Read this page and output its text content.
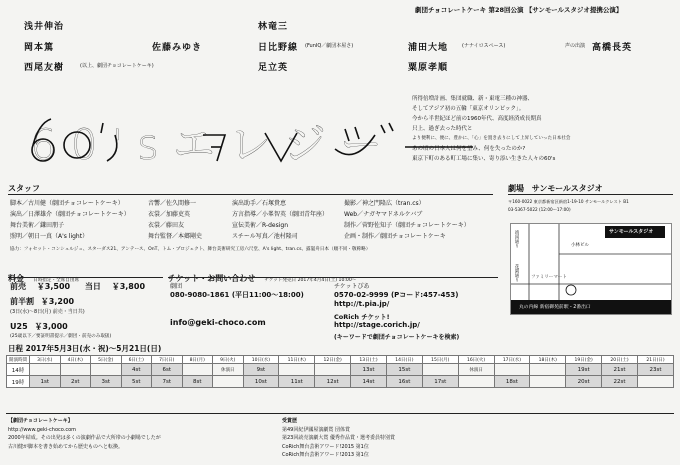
劇団チョコレートケーキ 第28回公演 【サンモールスタジオ提携公演】
浅井伸治
岡本篤
西尾友樹	(以上、劇団チョコレートケーキ)
佐藤みゆき
林竜三
日比野線 (FunIQ／劇団本屋さ)
足立英
浦田大地	(ナナイロスペース)
粟原孝順
声の出演 高橋長英
60'sエレジー
所得倍増計画、集団就職、新・東電三種の神器、
そしてアジア初の五輪「東京オリンピック」。
今から半世紀ほど前の1960年代、高度経済成長期真
只上、過ぎ去った時代と
より便利に、便に、豊かに、「心」を置き去りにして上昇していった日本社会
あの頃の日本人は何を望み、何を失ったのか?
東京下町のある町工場に集い、寄り添い生きた人々の60's
スタッフ
脚本／古川健（劇団チョコレートケーキ）
演出／日澤雄介（劇団チョコレートケーキ）
舞台美術／鎌田朋子
照明／朝日一真（A's light）
音響／佐久間修一
衣裳／加藤吏英
衣裳／藤田友
舞台監督／本郷剛史
演出助手／石塚貴恵
方言指導／小峯智英（劇団青年座）
宣伝美術／R-design
スチール写真／池村隆司
撮影／神之門隆広（tran.cs）
Web／ナガヤマドネルケバブ
制作／菅野佐知子（劇団チョコレートケーキ）
企画・制作／劇団チョコレートケーキ
協力：フォセット・コンシェルジュ、スターダス21、アンテース、OnT、トム・プロジェクト、舞台美術研究工房六尺堂、A's light、tran.cs、露嵐舟日本（順不同・敬称略）
劇場 サンモールスタジオ
〒160-0022 東京都新宿区新宿1-19-10 サンモールクレスト B1
03-5367-5022 (12:00〜17:00)
靖国通り
花園通り
小林ビル
サンモールスタジオ
ファミリーマート
丸の内線 新宿御苑前駅・2番出口
料金 日時指定・全席自由席
前売 ￥3,500 当日 ￥3,800
前半割 ￥3,200
(3日(水)〜8日(月) 前売・当日共)
U25 ￥3,000
(25歳以下／要証明書提示／劇団・前売のみ取扱)
チケット・お問い合わせ チケット発売日 2017年4月4日(土) 10:00〜
劇団
080-9080-1861 (平日11:00〜18:00)
info@geki-choco.com
チケットぴあ
0570-02-9999 (Pコード:457-453)
http://t.pia.jp/
CoRich チケット!
http://stage.corich.jp/
(キーワードで劇団チョコレートケーキを検索)
日程 2017年5月3日(水・祝)〜5月21日(日)
開演時間	3日(水)	4日(木)	5日(金)	6日(土)	7日(日)	8日(月)	9日(火)	10日(水)	11日(木)	12日(金)	13日(土)	14日(日)	15日(月)	16日(火)	17日(水)	18日(木)	19日(金)	20日(土)	21日(日)
14時				4st	6st		休演日	9st			13st	15st		休演日			19st	21st	23st
19時	1st	2st	3st	5st	7st	8st		10st	11st	12st	14st	16st	17st		18st		20st	22st	
【劇団チョコレートケーキ】
http://www.geki-choco.com
2000年結成。その出発は多くの演劇作品で大所帯の小劇場でしたが
古川健が脚本を書き始めてから歴史ものへと転換。
受賞歴
第49回紀伊國屋演劇賞 団体賞
第23回読売演劇大賞 優秀作品賞・選考委員特別賞
CoRich舞台芸術アワード!2015 第1位
CoRich舞台芸術アワード!2013 第1位
